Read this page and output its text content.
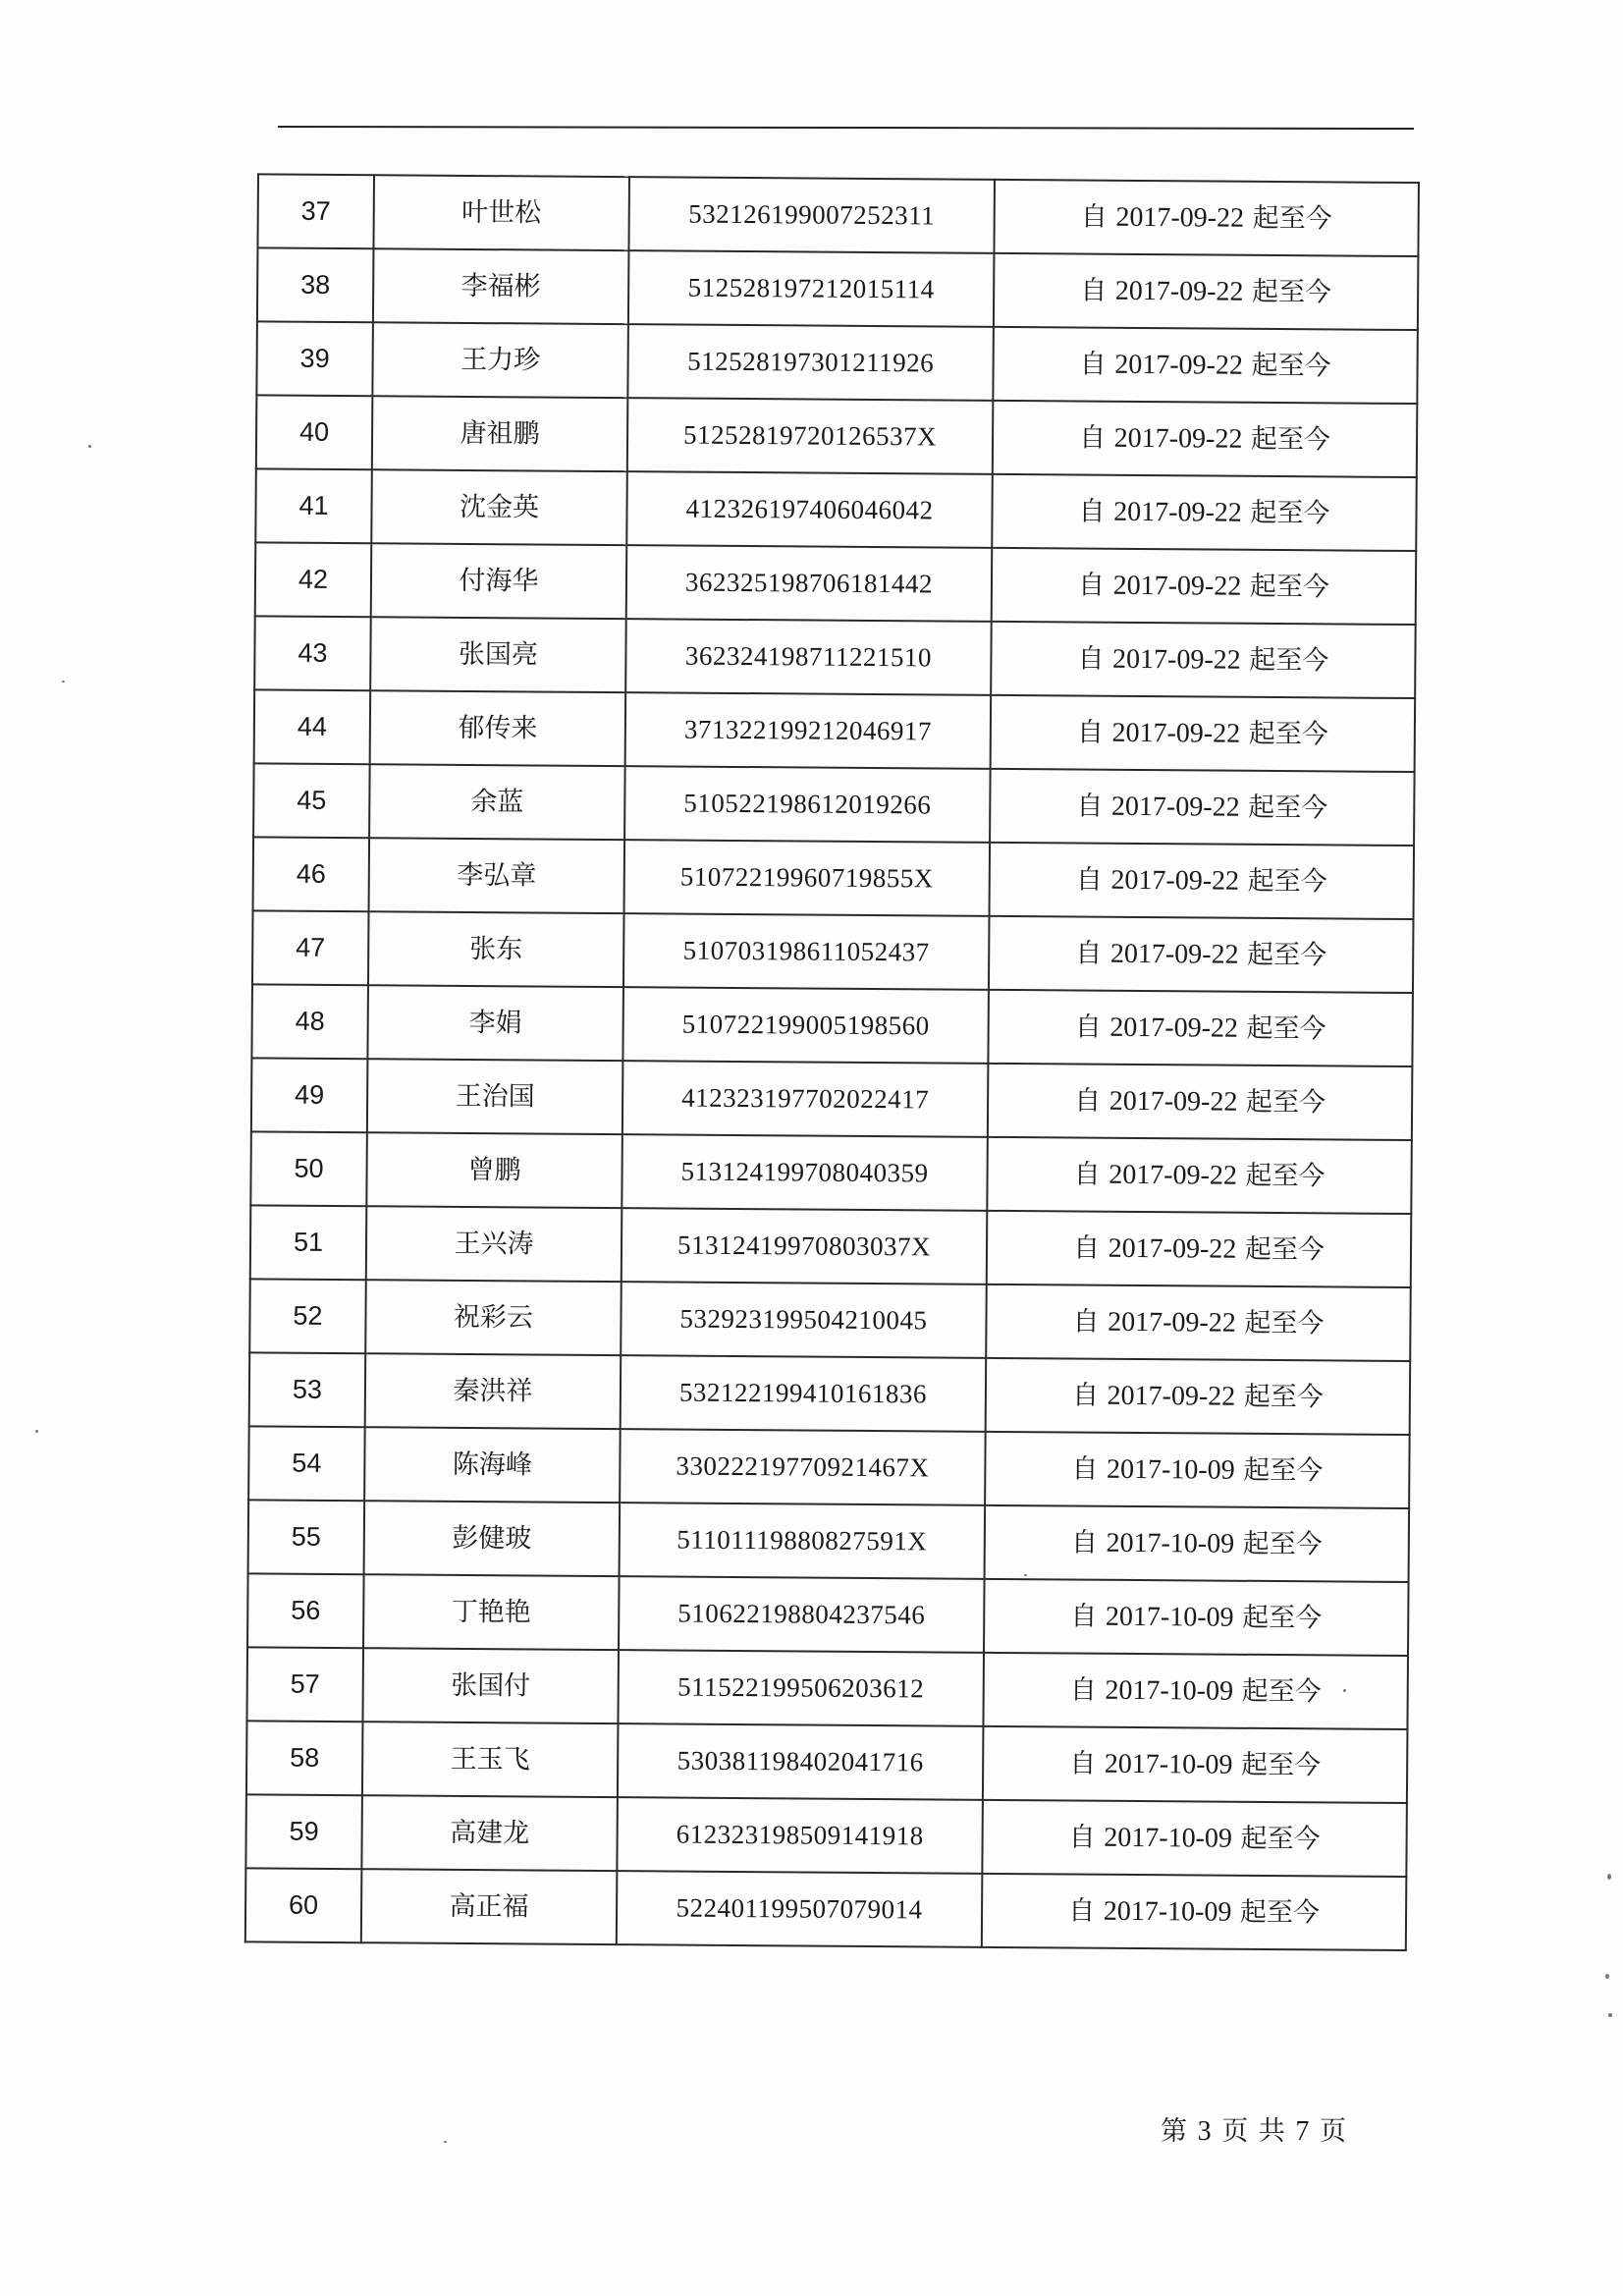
37	叶世松	532126199007252311	自 2017-09-22 起至今
38	李福彬	512528197212015114	自 2017-09-22 起至今
39	王力珍	512528197301211926	自 2017-09-22 起至今
40	唐祖鹏	51252819720126537X	自 2017-09-22 起至今
41	沈金英	412326197406046042	自 2017-09-22 起至今
42	付海华	362325198706181442	自 2017-09-22 起至今
43	张国亮	362324198711221510	自 2017-09-22 起至今
44	郁传来	371322199212046917	自 2017-09-22 起至今
45	余蓝	510522198612019266	自 2017-09-22 起至今
46	李弘章	51072219960719855X	自 2017-09-22 起至今
47	张东	510703198611052437	自 2017-09-22 起至今
48	李娟	510722199005198560	自 2017-09-22 起至今
49	王治国	412323197702022417	自 2017-09-22 起至今
50	曾鹏	513124199708040359	自 2017-09-22 起至今
51	王兴涛	51312419970803037X	自 2017-09-22 起至今
52	祝彩云	532923199504210045	自 2017-09-22 起至今
53	秦洪祥	532122199410161836	自 2017-09-22 起至今
54	陈海峰	33022219770921467X	自 2017-10-09 起至今
55	彭健玻	51101119880827591X	自 2017-10-09 起至今
56	丁艳艳	510622198804237546	自 2017-10-09 起至今
57	张国付	511522199506203612	自 2017-10-09 起至今
58	王玉飞	530381198402041716	自 2017-10-09 起至今
59	高建龙	612323198509141918	自 2017-10-09 起至今
60	高正福	522401199507079014	自 2017-10-09 起至今
第 3 页 共 7 页
